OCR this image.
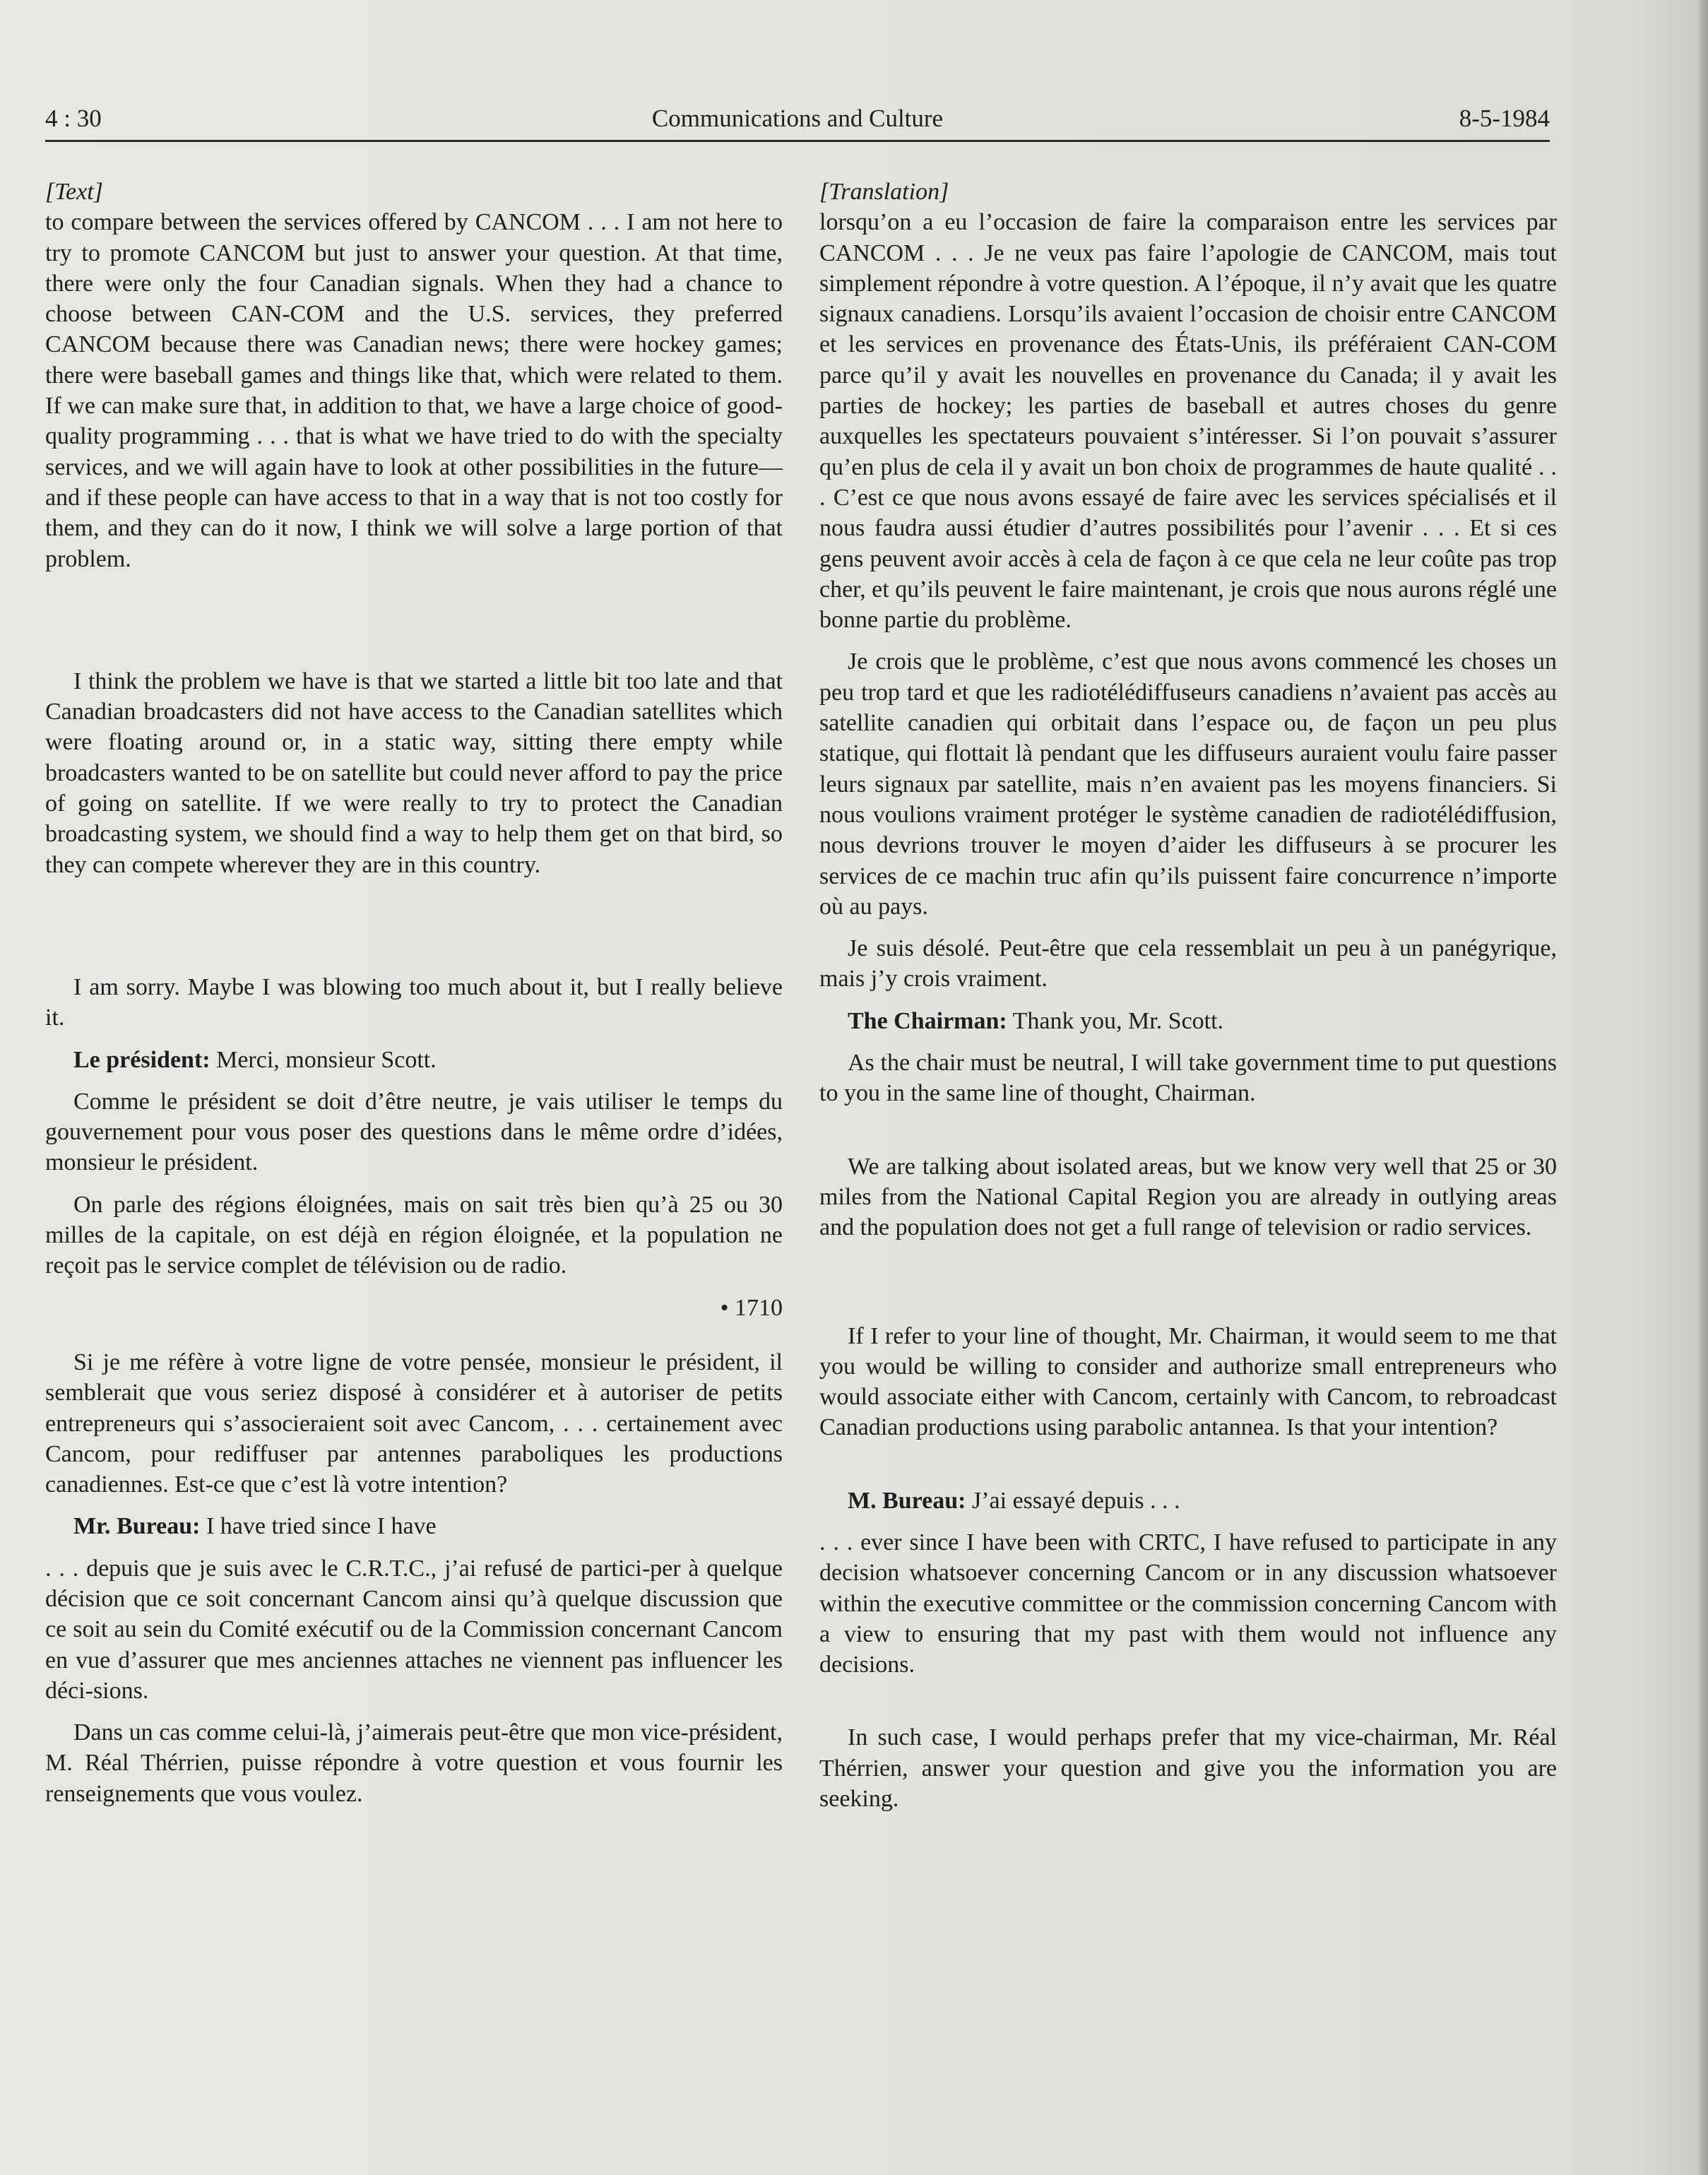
4 : 30	Communications and Culture	8-5-1984

[Text]

to compare between the services offered by CANCOM . . . I am not here to try to promote CANCOM but just to answer your question. At that time, there were only the four Canadian signals. When they had a chance to choose between CAN-COM and the U.S. services, they preferred CANCOM because there was Canadian news; there were hockey games; there were baseball games and things like that, which were related to them. If we can make sure that, in addition to that, we have a large choice of good-quality programming . . . that is what we have tried to do with the specialty services, and we will again have to look at other possibilities in the future—and if these people can have access to that in a way that is not too costly for them, and they can do it now, I think we will solve a large portion of that problem.

I think the problem we have is that we started a little bit too late and that Canadian broadcasters did not have access to the Canadian satellites which were floating around or, in a static way, sitting there empty while broadcasters wanted to be on satellite but could never afford to pay the price of going on satellite. If we were really to try to protect the Canadian broadcasting system, we should find a way to help them get on that bird, so they can compete wherever they are in this country.

I am sorry. Maybe I was blowing too much about it, but I really believe it.

Le président: Merci, monsieur Scott.

Comme le président se doit d’être neutre, je vais utiliser le temps du gouvernement pour vous poser des questions dans le même ordre d’idées, monsieur le président.

On parle des régions éloignées, mais on sait très bien qu’à 25 ou 30 milles de la capitale, on est déjà en région éloignée, et la population ne reçoit pas le service complet de télévision ou de radio.

• 1710

Si je me réfère à votre ligne de votre pensée, monsieur le président, il semblerait que vous seriez disposé à considérer et à autoriser de petits entrepreneurs qui s’associeraient soit avec Cancom, . . . certainement avec Cancom, pour rediffuser par antennes paraboliques les productions canadiennes. Est-ce que c’est là votre intention?

Mr. Bureau: I have tried since I have

. . . depuis que je suis avec le C.R.T.C., j’ai refusé de partici-per à quelque décision que ce soit concernant Cancom ainsi qu’à quelque discussion que ce soit au sein du Comité exécutif ou de la Commission concernant Cancom en vue d’assurer que mes anciennes attaches ne viennent pas influencer les déci-sions.

Dans un cas comme celui-là, j’aimerais peut-être que mon vice-président, M. Réal Thérrien, puisse répondre à votre question et vous fournir les renseignements que vous voulez.

[Translation]

lorsqu’on a eu l’occasion de faire la comparaison entre les services par CANCOM . . . Je ne veux pas faire l’apologie de CANCOM, mais tout simplement répondre à votre question. A l’époque, il n’y avait que les quatre signaux canadiens. Lorsqu’ils avaient l’occasion de choisir entre CANCOM et les services en provenance des États-Unis, ils préféraient CAN-COM parce qu’il y avait les nouvelles en provenance du Canada; il y avait les parties de hockey; les parties de baseball et autres choses du genre auxquelles les spectateurs pouvaient s’intéresser. Si l’on pouvait s’assurer qu’en plus de cela il y avait un bon choix de programmes de haute qualité . . . C’est ce que nous avons essayé de faire avec les services spécialisés et il nous faudra aussi étudier d’autres possibilités pour l’avenir . . . Et si ces gens peuvent avoir accès à cela de façon à ce que cela ne leur coûte pas trop cher, et qu’ils peuvent le faire maintenant, je crois que nous aurons réglé une bonne partie du problème.

Je crois que le problème, c’est que nous avons commencé les choses un peu trop tard et que les radiotélédiffuseurs canadiens n’avaient pas accès au satellite canadien qui orbitait dans l’espace ou, de façon un peu plus statique, qui flottait là pendant que les diffuseurs auraient voulu faire passer leurs signaux par satellite, mais n’en avaient pas les moyens financiers. Si nous voulions vraiment protéger le système canadien de radiotélédiffusion, nous devrions trouver le moyen d’aider les diffuseurs à se procurer les services de ce machin truc afin qu’ils puissent faire concurrence n’importe où au pays.

Je suis désolé. Peut-être que cela ressemblait un peu à un panégyrique, mais j’y crois vraiment.

The Chairman: Thank you, Mr. Scott.

As the chair must be neutral, I will take government time to put questions to you in the same line of thought, Chairman.

We are talking about isolated areas, but we know very well that 25 or 30 miles from the National Capital Region you are already in outlying areas and the population does not get a full range of television or radio services.

If I refer to your line of thought, Mr. Chairman, it would seem to me that you would be willing to consider and authorize small entrepreneurs who would associate either with Cancom, certainly with Cancom, to rebroadcast Canadian productions using parabolic antannea. Is that your intention?

M. Bureau: J’ai essayé depuis . . .

. . . ever since I have been with CRTC, I have refused to participate in any decision whatsoever concerning Cancom or in any discussion whatsoever within the executive committee or the commission concerning Cancom with a view to ensuring that my past with them would not influence any decisions.

In such case, I would perhaps prefer that my vice-chairman, Mr. Réal Thérrien, answer your question and give you the information you are seeking.
